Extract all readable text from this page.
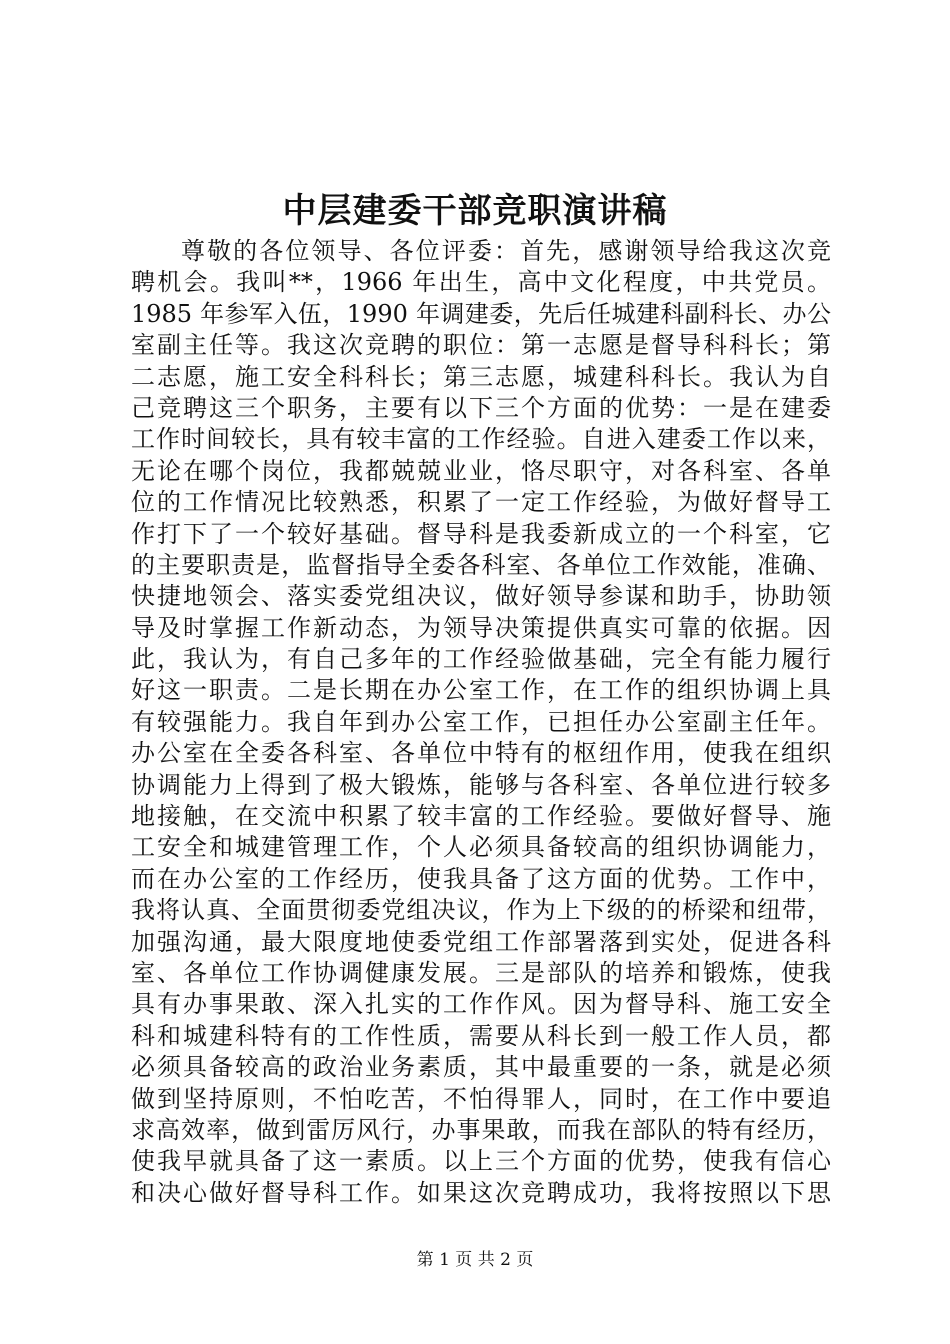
中层建委干部竞职演讲稿
尊敬的各位领导、各位评委：首先，感谢领导给我这次竞
聘机会。我叫**，1966 年出生，高中文化程度，中共党员。
1985 年参军入伍，1990 年调建委，先后任城建科副科长、办公
室副主任等。我这次竞聘的职位：第一志愿是督导科科长；第
二志愿，施工安全科科长；第三志愿，城建科科长。我认为自
己竞聘这三个职务，主要有以下三个方面的优势：一是在建委
工作时间较长，具有较丰富的工作经验。自进入建委工作以来，
无论在哪个岗位，我都兢兢业业，恪尽职守，对各科室、各单
位的工作情况比较熟悉，积累了一定工作经验，为做好督导工
作打下了一个较好基础。督导科是我委新成立的一个科室，它
的主要职责是，监督指导全委各科室、各单位工作效能，准确、
快捷地领会、落实委党组决议，做好领导参谋和助手，协助领
导及时掌握工作新动态，为领导决策提供真实可靠的依据。因
此，我认为，有自己多年的工作经验做基础，完全有能力履行
好这一职责。二是长期在办公室工作，在工作的组织协调上具
有较强能力。我自年到办公室工作，已担任办公室副主任年。
办公室在全委各科室、各单位中特有的枢纽作用，使我在组织
协调能力上得到了极大锻炼，能够与各科室、各单位进行较多
地接触，在交流中积累了较丰富的工作经验。要做好督导、施
工安全和城建管理工作，个人必须具备较高的组织协调能力，
而在办公室的工作经历，使我具备了这方面的优势。工作中，
我将认真、全面贯彻委党组决议，作为上下级的的桥梁和纽带，
加强沟通，最大限度地使委党组工作部署落到实处，促进各科
室、各单位工作协调健康发展。三是部队的培养和锻炼，使我
具有办事果敢、深入扎实的工作作风。因为督导科、施工安全
科和城建科特有的工作性质，需要从科长到一般工作人员，都
必须具备较高的政治业务素质，其中最重要的一条，就是必须
做到坚持原则，不怕吃苦，不怕得罪人，同时，在工作中要追
求高效率，做到雷厉风行，办事果敢，而我在部队的特有经历，
使我早就具备了这一素质。以上三个方面的优势，使我有信心
和决心做好督导科工作。如果这次竞聘成功，我将按照以下思
第 1 页 共 2 页
